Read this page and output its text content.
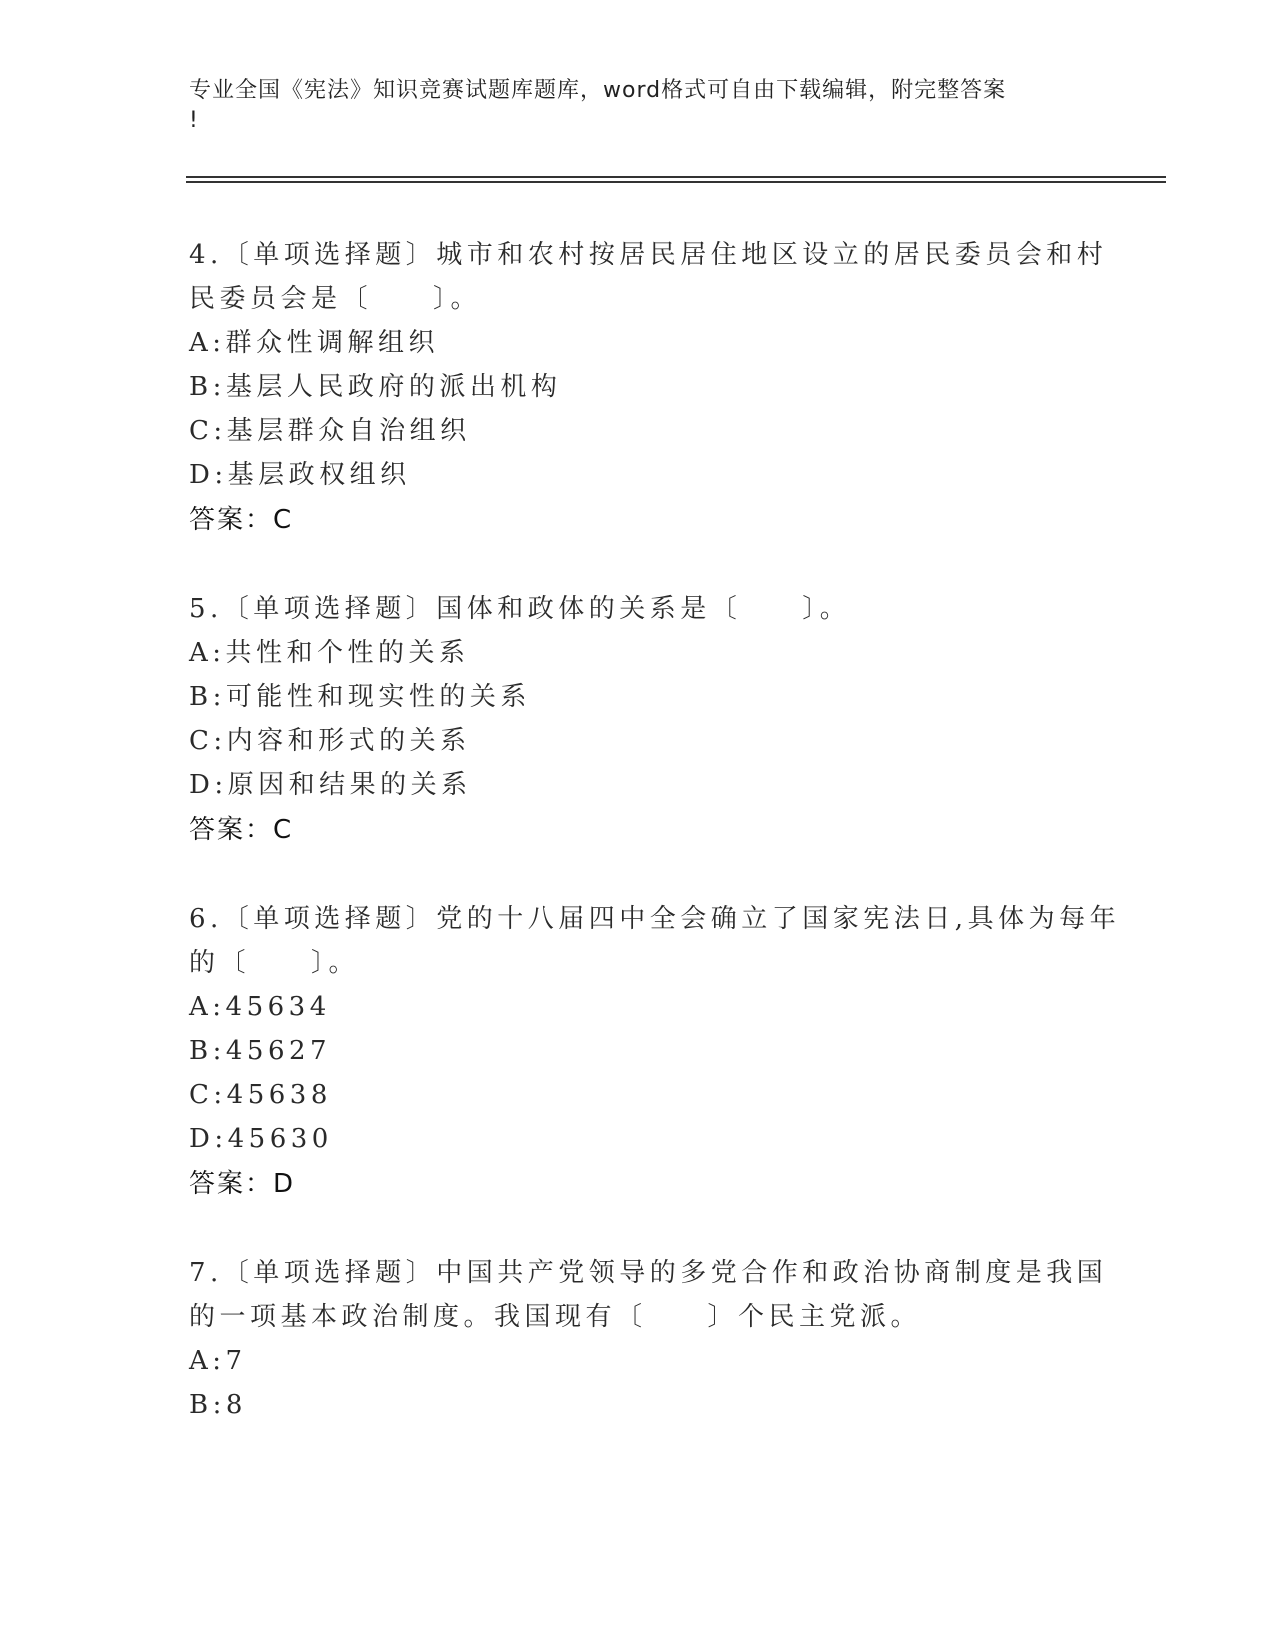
专业全国《宪法》知识竞赛试题库题库，word格式可自由下载编辑，附完整答案
!
4.〔单项选择题〕城市和农村按居民居住地区设立的居民委员会和村
民委员会是〔　　〕。
A:群众性调解组织
B:基层人民政府的派出机构
C:基层群众自治组织
D:基层政权组织
答案：C
5.〔单项选择题〕国体和政体的关系是〔　　〕。
A:共性和个性的关系
B:可能性和现实性的关系
C:内容和形式的关系
D:原因和结果的关系
答案：C
6.〔单项选择题〕党的十八届四中全会确立了国家宪法日,具体为每年
的〔　　〕。
A:45634
B:45627
C:45638
D:45630
答案：D
7.〔单项选择题〕中国共产党领导的多党合作和政治协商制度是我国
的一项基本政治制度。我国现有〔　　〕个民主党派。
A:7
B:8
